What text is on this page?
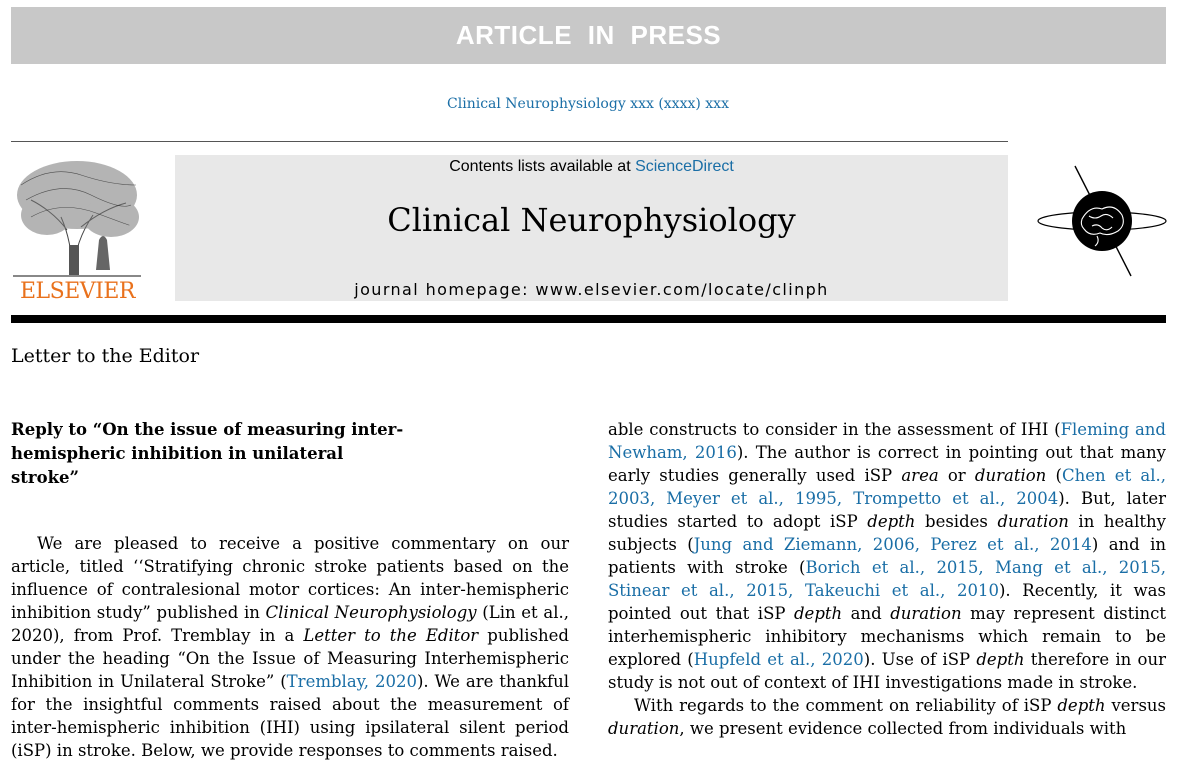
ARTICLE IN PRESS
Clinical Neurophysiology xxx (xxxx) xxx
ELSEVIER
Contents lists available at ScienceDirect
Clinical Neurophysiology
journal homepage: www.elsevier.com/locate/clinph
Letter to the Editor

Reply to “On the issue of measuring inter-hemispheric inhibition in unilateral stroke”

We are pleased to receive a positive commentary on our article, titled ‘‘Stratifying chronic stroke patients based on the influence of contralesional motor cortices: An inter-hemispheric inhibition study” published in Clinical Neurophysiology (Lin et al., 2020), from Prof. Tremblay in a Letter to the Editor published under the heading “On the Issue of Measuring Interhemispheric Inhibition in Unilateral Stroke” (Tremblay, 2020). We are thankful for the insightful comments raised about the measurement of inter-hemispheric inhibition (IHI) using ipsilateral silent period (iSP) in stroke. Below, we provide responses to comments raised.

able constructs to consider in the assessment of IHI (Fleming and Newham, 2016). The author is correct in pointing out that many early studies generally used iSP area or duration (Chen et al., 2003, Meyer et al., 1995, Trompetto et al., 2004). But, later studies started to adopt iSP depth besides duration in healthy subjects (Jung and Ziemann, 2006, Perez et al., 2014) and in patients with stroke (Borich et al., 2015, Mang et al., 2015, Stinear et al., 2015, Takeuchi et al., 2010). Recently, it was pointed out that iSP depth and duration may represent distinct interhemispheric inhibitory mechanisms which remain to be explored (Hupfeld et al., 2020). Use of iSP depth therefore in our study is not out of context of IHI investigations made in stroke.

With regards to the comment on reliability of iSP depth versus duration, we present evidence collected from individuals with
